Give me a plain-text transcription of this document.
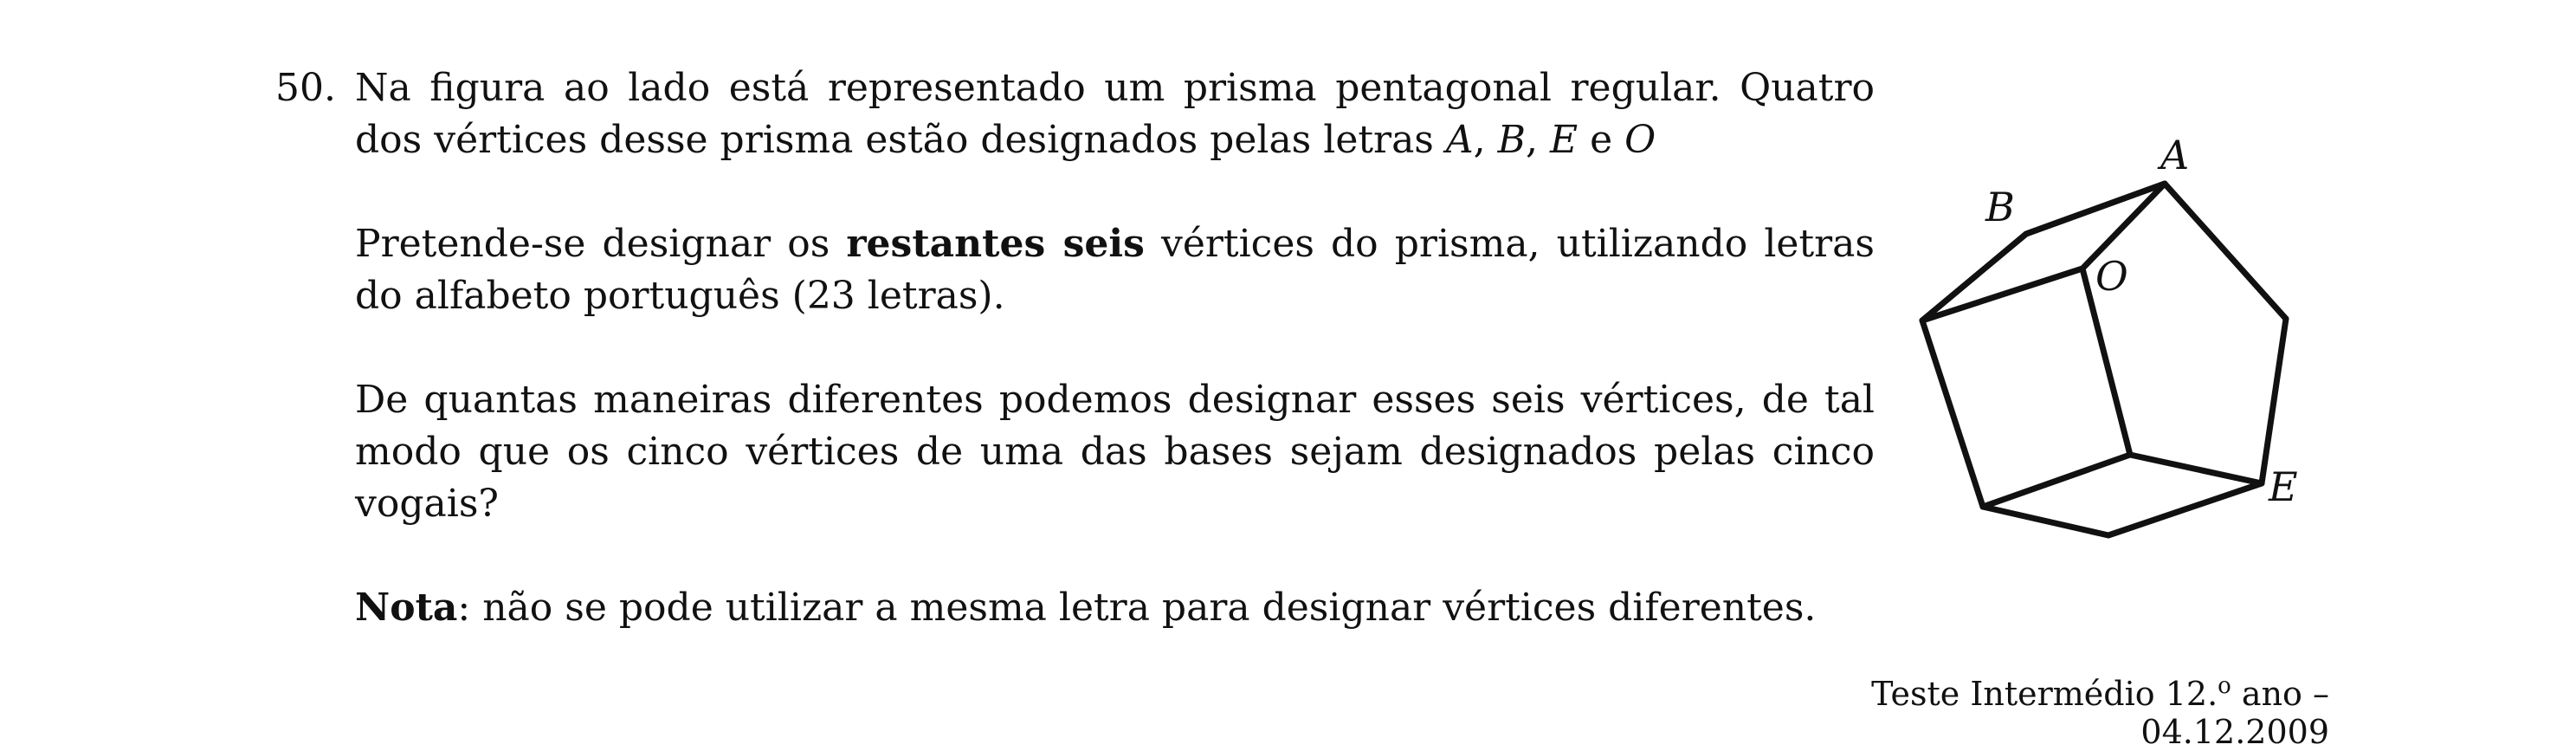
50. Na figura ao lado está representado um prisma pentagonal regular. Quatro dos vértices desse prisma estão designados pelas letras A, B, E e O

Pretende-se designar os restantes seis vértices do prisma, utilizando letras do alfabeto português (23 letras).

De quantas maneiras diferentes podemos designar esses seis vértices, de tal modo que os cinco vértices de uma das bases sejam designados pelas cinco vogais?

Nota: não se pode utilizar a mesma letra para designar vértices diferentes.

A
B
O
E
Teste Intermédio 12.$^o$ ano – 04.12.2009
